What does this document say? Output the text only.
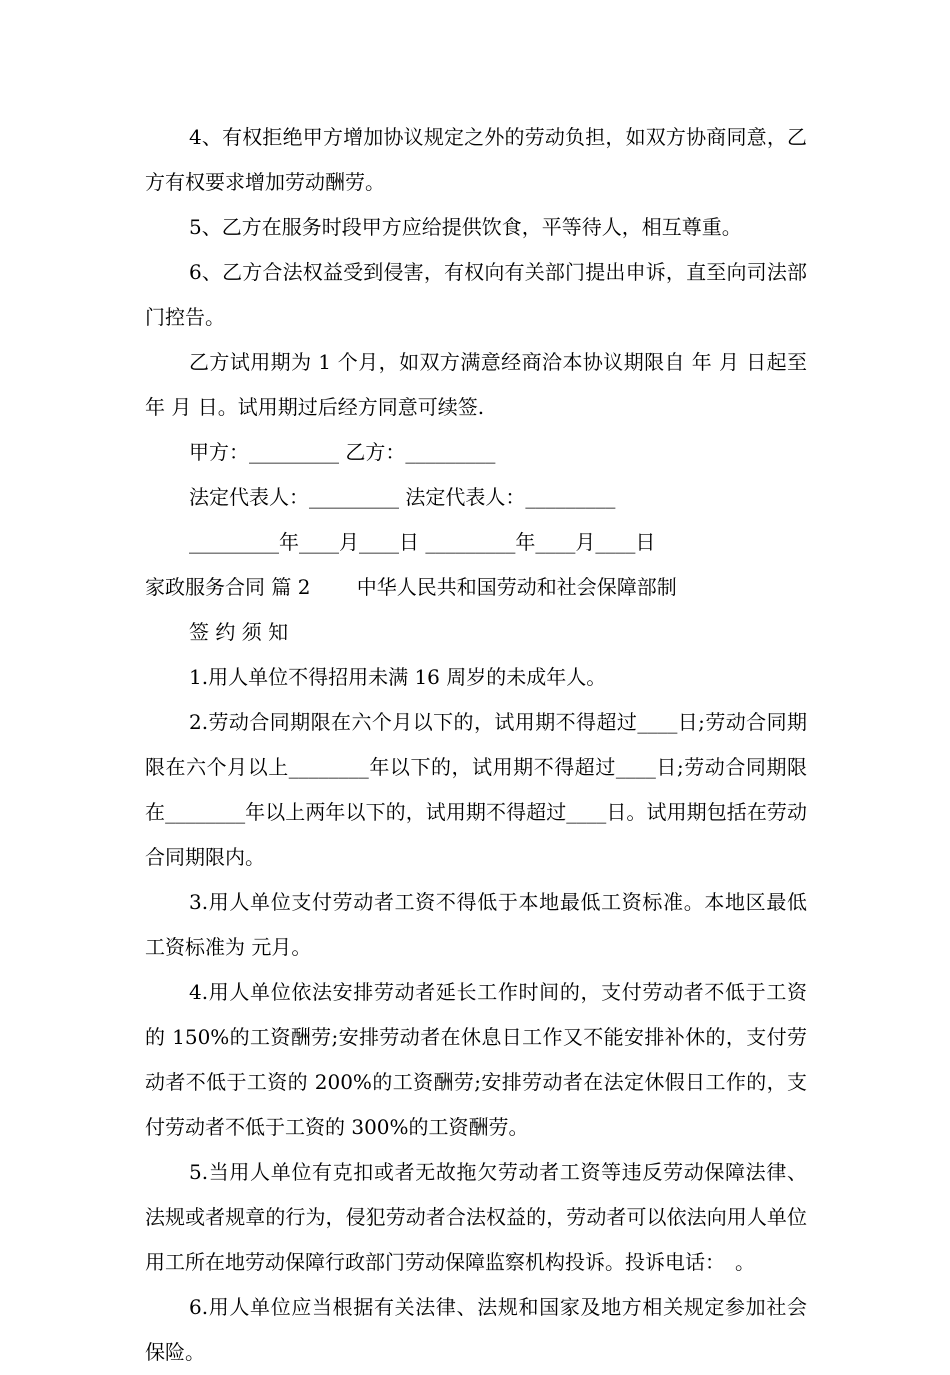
4、有权拒绝甲方增加协议规定之外的劳动负担，如双方协商同意，乙方有权要求增加劳动酬劳。

5、乙方在服务时段甲方应给提供饮食，平等待人，相互尊重。

6、乙方合法权益受到侵害，有权向有关部门提出申诉，直至向司法部门控告。

乙方试用期为 1 个月，如双方满意经商洽本协议期限自 年 月 日起至 年 月 日。试用期过后经方同意可续签.

甲方：_________ 乙方：_________

法定代表人：_________ 法定代表人：_________

_________年____月____日 _________年____月____日

家政服务合同 篇 2　　 中华人民共和国劳动和社会保障部制

签 约 须 知

1.用人单位不得招用未满 16 周岁的未成年人。

2.劳动合同期限在六个月以下的，试用期不得超过____日;劳动合同期限在六个月以上________年以下的，试用期不得超过____日;劳动合同期限在________年以上两年以下的，试用期不得超过____日。试用期包括在劳动合同期限内。

3.用人单位支付劳动者工资不得低于本地最低工资标准。本地区最低工资标准为 元月。

4.用人单位依法安排劳动者延长工作时间的，支付劳动者不低于工资的 150%的工资酬劳;安排劳动者在休息日工作又不能安排补休的，支付劳动者不低于工资的 200%的工资酬劳;安排劳动者在法定休假日工作的，支付劳动者不低于工资的 300%的工资酬劳。

5.当用人单位有克扣或者无故拖欠劳动者工资等违反劳动保障法律、法规或者规章的行为，侵犯劳动者合法权益的，劳动者可以依法向用人单位用工所在地劳动保障行政部门劳动保障监察机构投诉。投诉电话：　。

6.用人单位应当根据有关法律、法规和国家及地方相关规定参加社会保险。
